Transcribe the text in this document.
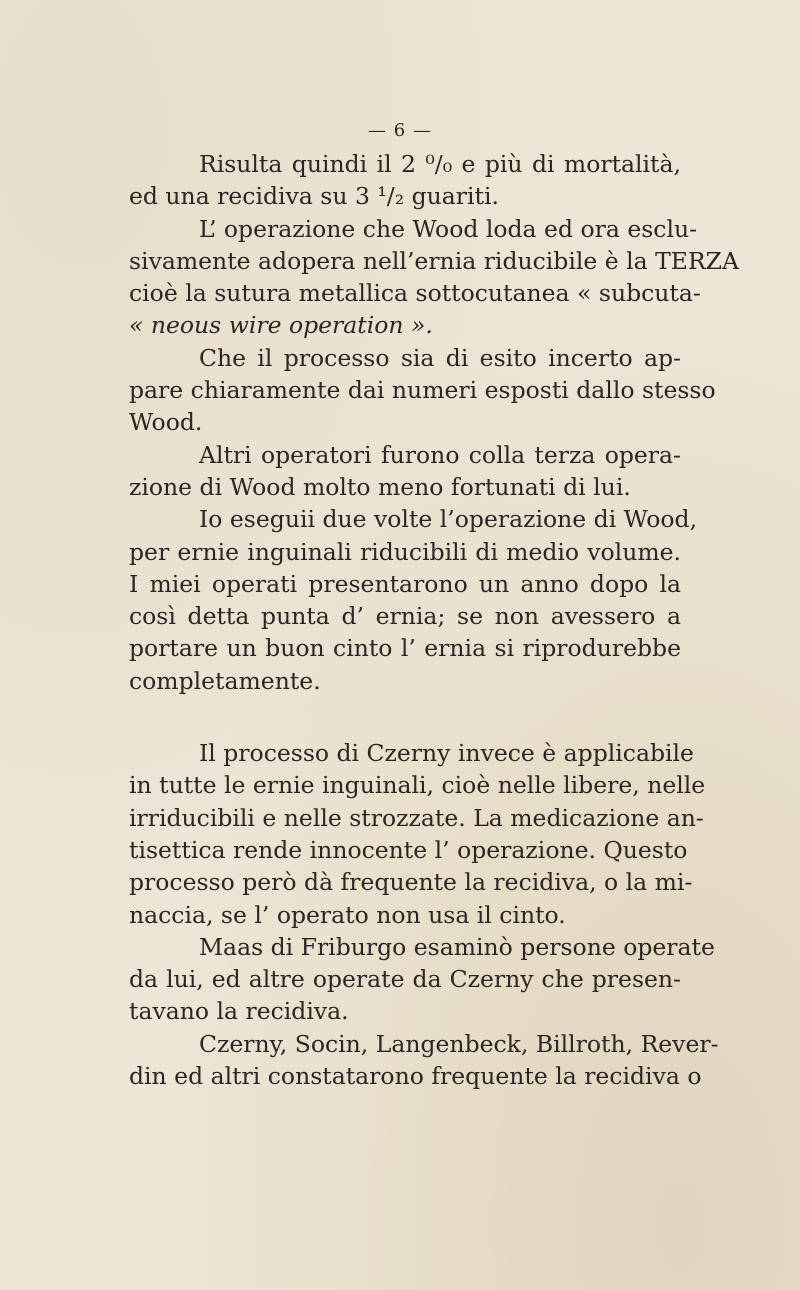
— 6 —
Risulta quindi il 2 ⁰/₀ e più di mortalità,
ed una recidiva su 3 ¹/₂ guariti.
L’ operazione che Wood loda ed ora esclu-
sivamente adopera nell’ernia riducibile è la TERZA
cioè la sutura metallica sottocutanea « subcuta-
« neous wire operation ».
Che il processo sia di esito incerto ap-
pare chiaramente dai numeri esposti dallo stesso
Wood.
Altri operatori furono colla terza opera-
zione di Wood molto meno fortunati di lui.
Io eseguii due volte l’operazione di Wood,
per ernie inguinali riducibili di medio volume.
I miei operati presentarono un anno dopo la
così detta punta d’ ernia; se non avessero a
portare un buon cinto l’ ernia si riprodurebbe
completamente.
Il processo di Czerny invece è applicabile
in tutte le ernie inguinali, cioè nelle libere, nelle
irriducibili e nelle strozzate. La medicazione an-
tisettica rende innocente l’ operazione. Questo
processo però dà frequente la recidiva, o la mi-
naccia, se l’ operato non usa il cinto.
Maas di Friburgo esaminò persone operate
da lui, ed altre operate da Czerny che presen-
tavano la recidiva.
Czerny, Socin, Langenbeck, Billroth, Rever-
din ed altri constatarono frequente la recidiva o
